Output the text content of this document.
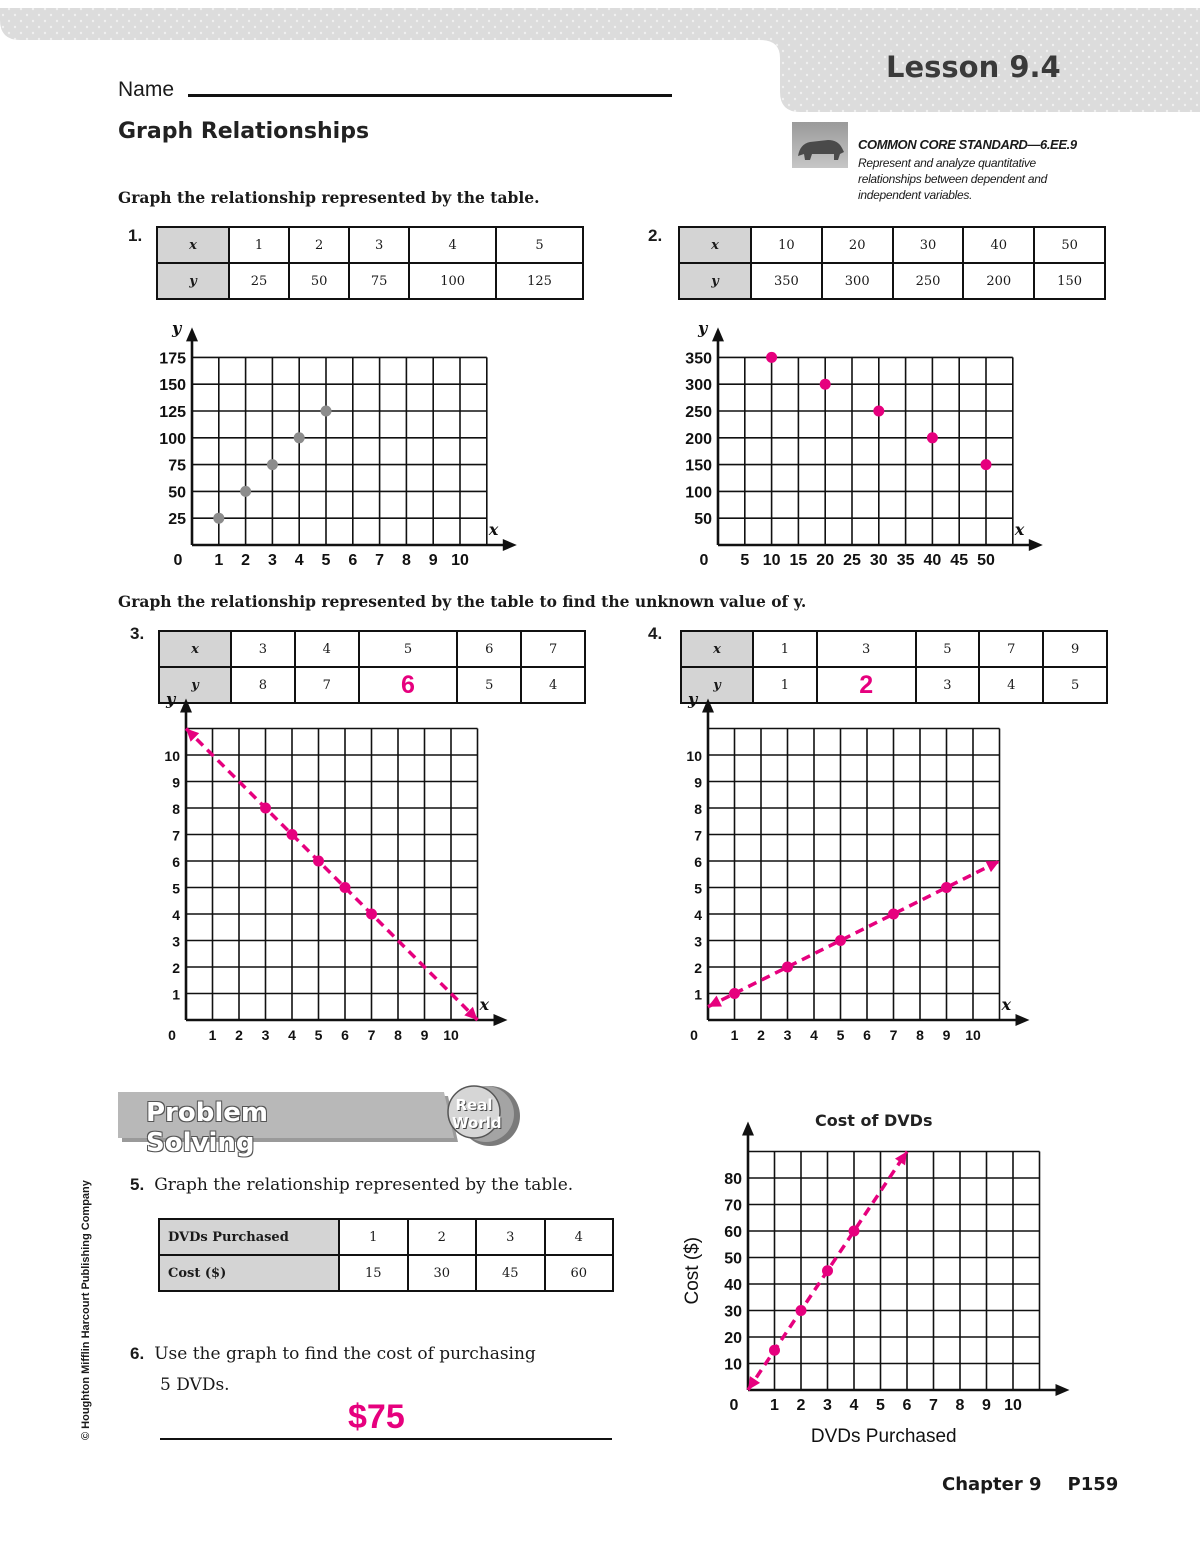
Lesson 9.4
Name
Graph Relationships
COMMON CORE STANDARD—6.EE.9
Represent and analyze quantitative relationships between dependent and independent variables.
Graph the relationship represented by the table.
1.	x	1	2	3	4	5
y	25	50	75	100	125
2.	x	10	20	30	40	50
y	350	300	250	200	150
Graph the relationship represented by the table to find the unknown value of y.
3.
x	3	4	5	6	7
y	8	7	6	5	4
4.
x	1	3	5	7	9
y	1	2	3	4	5
Problem Solving
Real
World
© Houghton Mifflin Harcourt Publishing Company 5. Graph the relationship represented by the table.
DVDs Purchased	1	2	3	4
Cost ($)	15	30	45	60
6. Use the graph to find the cost of purchasing
5 DVDs.
$75
Chapter 9 P159
0 1 2 3 4 5 6 7 8 9 10
25
50
75
100
125
150
175
x
y
0 5 10 15 20 25 30 35 40 45 50
50
100
150
200
250
300
350
x
y
0 1 2 3 4 5 6 7 8 9 10
1
2
3
4
5
6
7
8
9
10
x
y
0 1 2 3 4 5 6 7 8 9 10
1
2
3
4
5
6
7
8
9
10
x
y
0 1 2 3 4 5 6 7 8 9 10
10
20
30
40
50
60
70
80
DVDs Purchased
Cost ($)
Cost of DVDs
